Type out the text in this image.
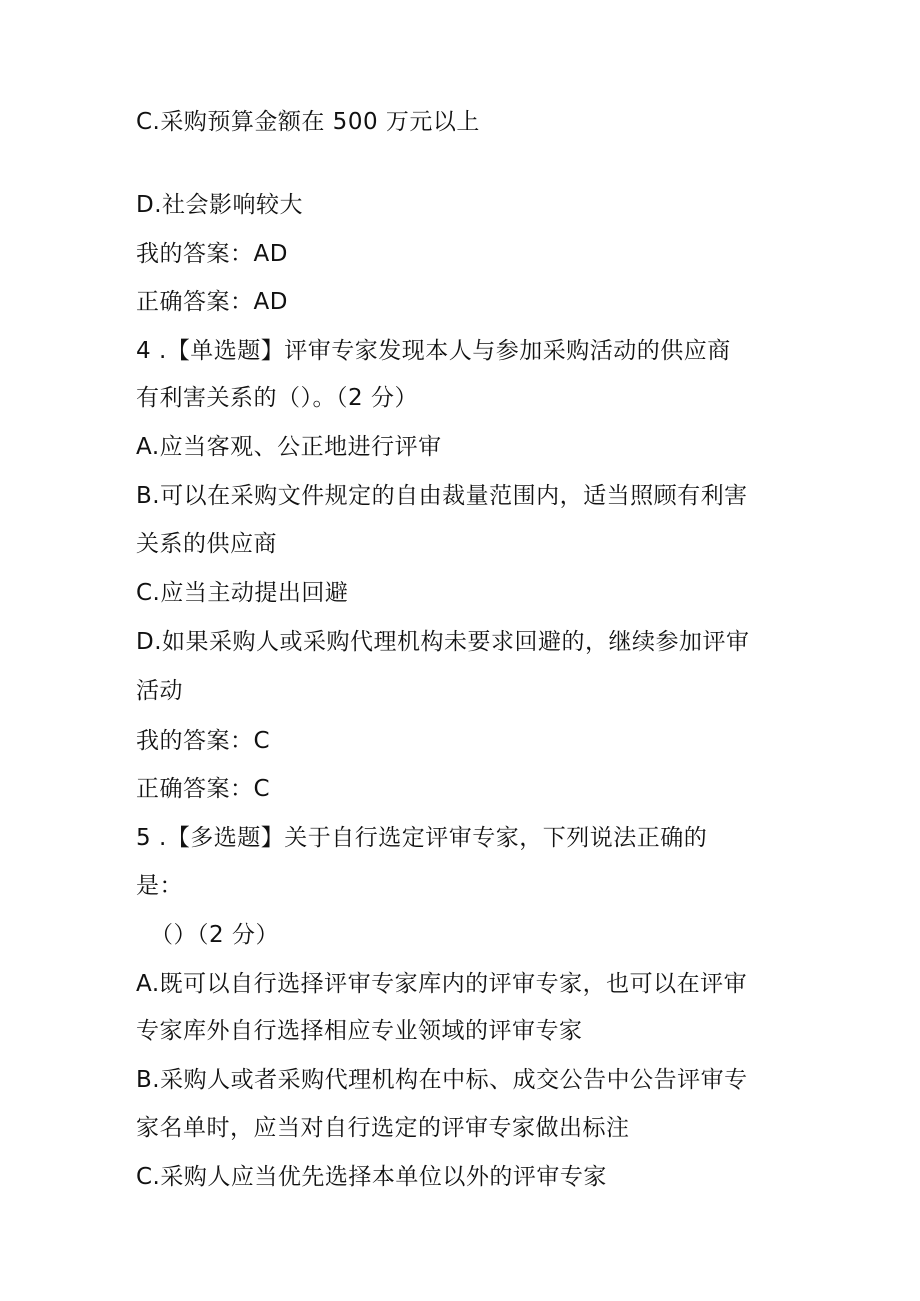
C.采购预算金额在 500 万元以上
D.社会影响较大
我的答案：AD
正确答案：AD
4 .【单选题】评审专家发现本人与参加采购活动的供应商
有利害关系的（）。（2 分）
A.应当客观、公正地进行评审
B.可以在采购文件规定的自由裁量范围内，适当照顾有利害
关系的供应商
C.应当主动提出回避
D.如果采购人或采购代理机构未要求回避的，继续参加评审
活动
我的答案：C
正确答案：C
5 .【多选题】关于自行选定评审专家，下列说法正确的
是：
（）（2 分）
A.既可以自行选择评审专家库内的评审专家，也可以在评审
专家库外自行选择相应专业领域的评审专家
B.采购人或者采购代理机构在中标、成交公告中公告评审专
家名单时，应当对自行选定的评审专家做出标注
C.采购人应当优先选择本单位以外的评审专家
